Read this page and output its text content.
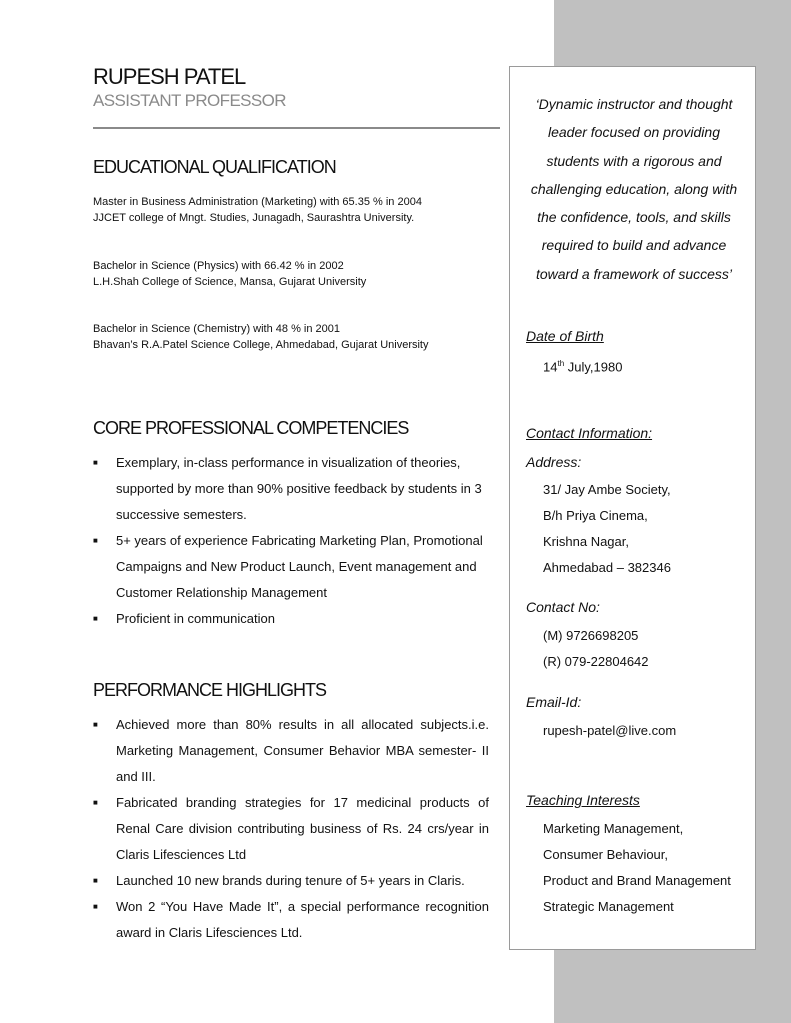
RUPESH PATEL
ASSISTANT PROFESSOR
EDUCATIONAL QUALIFICATION
Master in Business Administration (Marketing) with 65.35 % in 2004
JJCET college of Mngt. Studies, Junagadh, Saurashtra University.
Bachelor in Science (Physics) with 66.42 % in 2002
L.H.Shah College of Science, Mansa, Gujarat University
Bachelor in Science (Chemistry) with 48 % in 2001
Bhavan’s R.A.Patel Science College, Ahmedabad, Gujarat University
CORE PROFESSIONAL COMPETENCIES
■	Exemplary, in-class performance in visualization of theories, supported by more than 90% positive feedback by students in 3 successive semesters.
■	5+ years of experience Fabricating Marketing Plan, Promotional Campaigns and New Product Launch, Event management and Customer Relationship Management
■	Proficient in communication
PERFORMANCE HIGHLIGHTS
■	Achieved more than 80% results in all allocated subjects.i.e. Marketing Management, Consumer Behavior MBA semester- II and III.
■	Fabricated branding strategies for 17 medicinal products of Renal Care division contributing business of Rs. 24 crs/year in Claris Lifesciences Ltd
■	Launched 10 new brands during tenure of 5+ years in Claris.
■	Won 2 “You Have Made It”, a special performance recognition award in Claris Lifesciences Ltd.
‘Dynamic instructor and thought
leader focused on providing
students with a rigorous and
challenging education, along with
the confidence, tools, and skills
required to build and advance
toward a framework of success’
Date of Birth
14th July,1980
Contact Information:
Address:
31/ Jay Ambe Society,
B/h Priya Cinema,
Krishna Nagar,
Ahmedabad – 382346
Contact No:
(M) 9726698205
(R) 079-22804642
Email-Id:
rupesh-patel@live.com
Teaching Interests
Marketing Management,
Consumer Behaviour,
Product and Brand Management
Strategic Management
